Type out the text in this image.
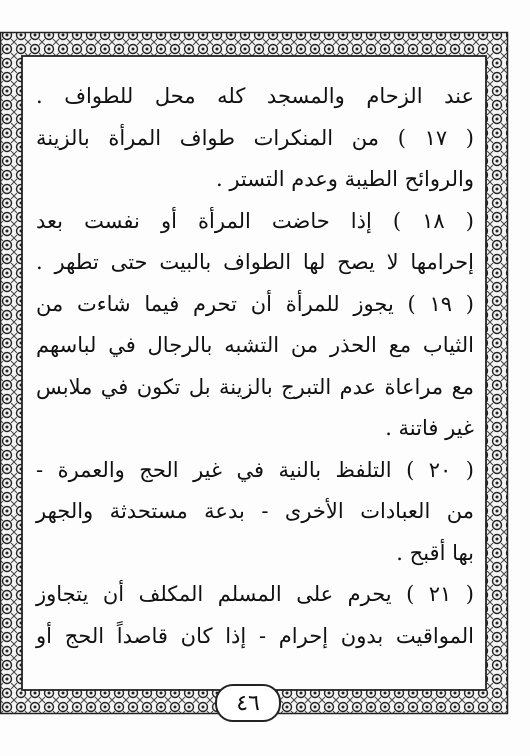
عند الزحام والمسجد كله محل للطواف .
( ١٧ ) من المنكرات طواف المرأة بالزينة
والروائح الطيبة وعدم التستر .
( ١٨ ) إذا حاضت المرأة أو نفست بعد
إحرامها لا يصح لها الطواف بالبيت حتى تطهر .
( ١٩ ) يجوز للمرأة أن تحرم فيما شاءت من
الثياب مع الحذر من التشبه بالرجال في لباسهم
مع مراعاة عدم التبرج بالزينة بل تكون في ملابس
غير فاتنة .
( ٢٠ ) التلفظ بالنية في غير الحج والعمرة -
من العبادات الأخرى - بدعة مستحدثة والجهر
بها أقبح .
( ٢١ ) يحرم على المسلم المكلف أن يتجاوز
المواقيت بدون إحرام - إذا كان قاصداً الحج أو
٤٦
